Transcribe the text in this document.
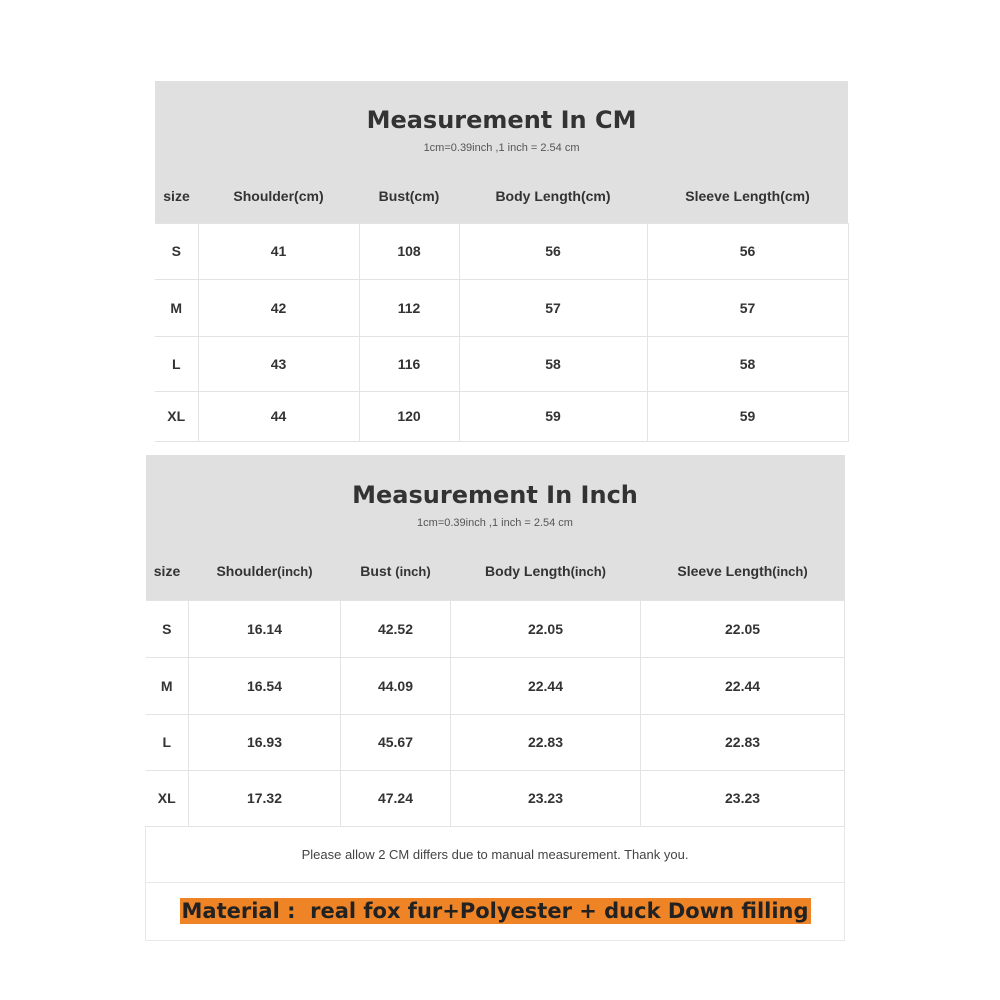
Measurement In CM
1cm=0.39inch ,1 inch = 2.54 cm				

size	Shoulder(cm)	Bust(cm)	Body Length(cm)	Sleeve Length(cm)
S	41	108	56	56
M	42	112	57	57
L	43	116	58	58
XL	44	120	59	59
Measurement In Inch
1cm=0.39inch ,1 inch = 2.54 cm				

size	Shoulder(inch)	Bust (inch)	Body Length(inch)	Sleeve Length(inch)
S	16.14	42.52	22.05	22.05
M	16.54	44.09	22.44	22.44
L	16.93	45.67	22.83	22.83
XL	17.32	47.24	23.23	23.23
Please allow 2 CM differs due to manual measurement. Thank you.				
Material :  real fox fur+Polyester + duck Down filling				
